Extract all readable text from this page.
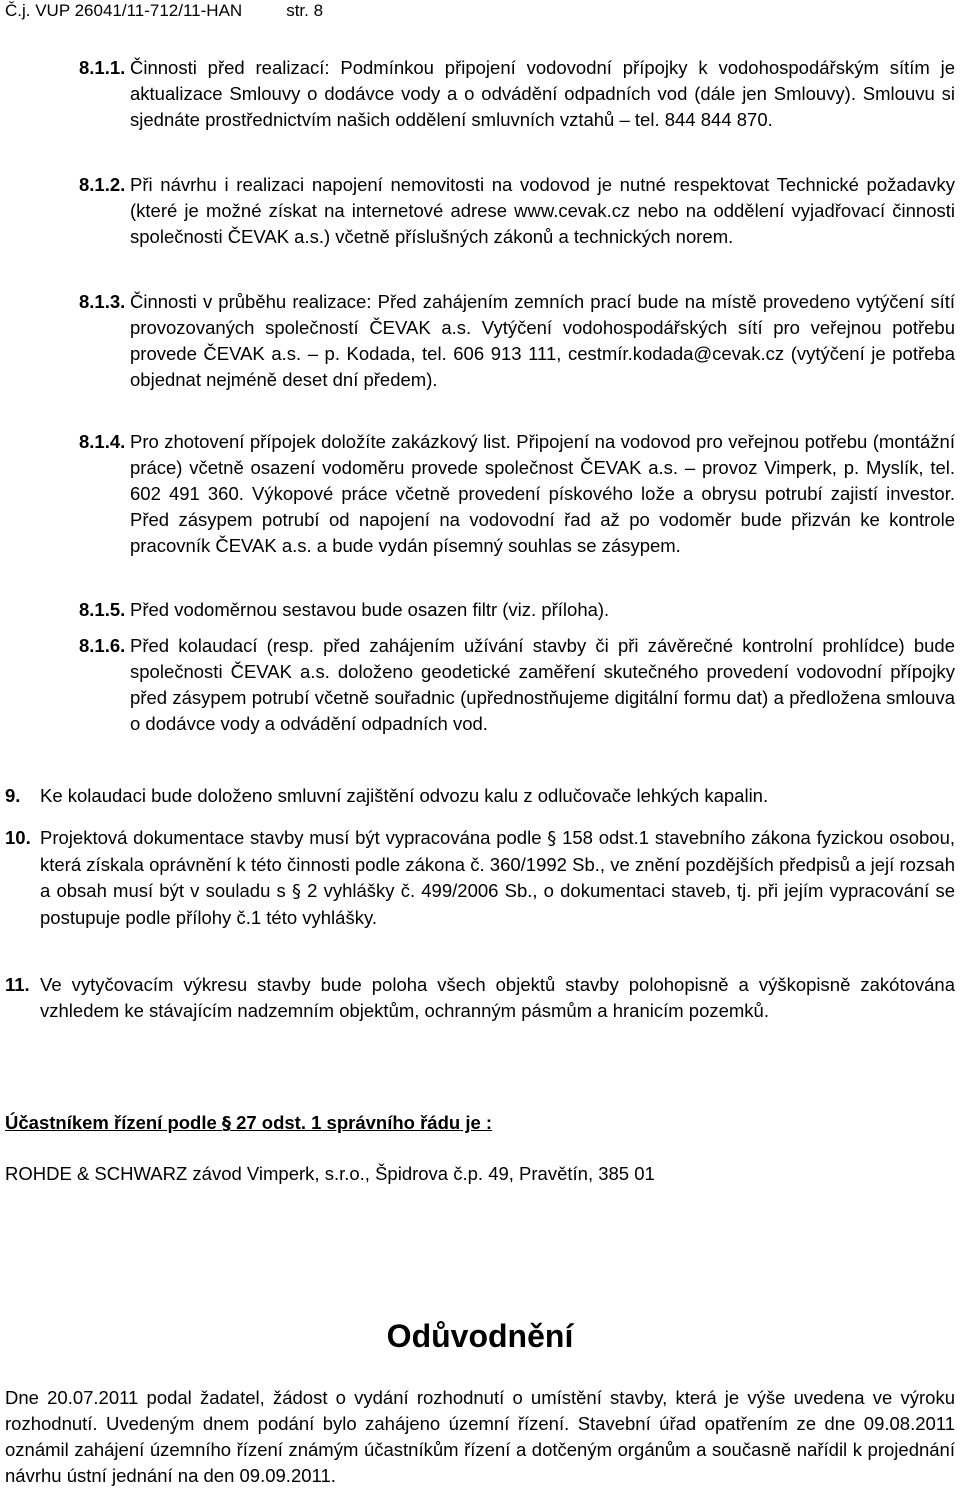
Č.j. VUP 26041/11-712/11-HAN	str. 8
8.1.1. Činnosti před realizací: Podmínkou připojení vodovodní přípojky k vodohospodářským sítím je aktualizace Smlouvy o dodávce vody a o odvádění odpadních vod (dále jen Smlouvy). Smlouvu si sjednáte prostřednictvím našich oddělení smluvních vztahů – tel. 844 844 870.
8.1.2. Při návrhu i realizaci napojení nemovitosti na vodovod je nutné respektovat Technické požadavky (které je možné získat na internetové adrese www.cevak.cz nebo na oddělení vyjadřovací činnosti společnosti ČEVAK a.s.) včetně příslušných zákonů a technických norem.
8.1.3. Činnosti v průběhu realizace: Před zahájením zemních prací bude na místě provedeno vytýčení sítí provozovaných společností ČEVAK a.s. Vytýčení vodohospodářských sítí pro veřejnou potřebu provede ČEVAK a.s. – p. Kodada, tel. 606 913 111, cestmír.kodada@cevak.cz (vytýčení je potřeba objednat nejméně deset dní předem).
8.1.4. Pro zhotovení přípojek doložíte zakázkový list. Připojení na vodovod pro veřejnou potřebu (montážní práce) včetně osazení vodoměru provede společnost ČEVAK a.s. – provoz Vimperk, p. Myslík, tel. 602 491 360. Výkopové práce včetně provedení pískového lože a obrysu potrubí zajistí investor. Před zásypem potrubí od napojení na vodovodní řad až po vodoměr bude přizván ke kontrole pracovník ČEVAK a.s. a bude vydán písemný souhlas se zásypem.
8.1.5. Před vodoměrnou sestavou bude osazen filtr (viz. příloha).
8.1.6. Před kolaudací (resp. před zahájením užívání stavby či při závěrečné kontrolní prohlídce) bude společnosti ČEVAK a.s. doloženo geodetické zaměření skutečného provedení vodovodní přípojky před zásypem potrubí včetně souřadnic (upřednostňujeme digitální formu dat) a předložena smlouva o dodávce vody a odvádění odpadních vod.
9. Ke kolaudaci bude doloženo smluvní zajištění odvozu kalu z odlučovače lehkých kapalin.
10. Projektová dokumentace stavby musí být vypracována podle § 158 odst.1 stavebního zákona fyzickou osobou, která získala oprávnění k této činnosti podle zákona č. 360/1992 Sb., ve znění pozdějších předpisů a její rozsah a obsah musí být v souladu s § 2 vyhlášky č. 499/2006 Sb., o dokumentaci staveb, tj. při jejím vypracování se postupuje podle přílohy č.1 této vyhlášky.
11. Ve vytyčovacím výkresu stavby bude poloha všech objektů stavby polohopisně a výškopisně zakótována vzhledem ke stávajícím nadzemním objektům, ochranným pásmům a hranicím pozemků.
Účastníkem řízení podle § 27 odst. 1 správního řádu je :
ROHDE & SCHWARZ závod Vimperk, s.r.o., Špidrova č.p. 49, Pravětín, 385 01
Odůvodnění
Dne 20.07.2011 podal žadatel, žádost o vydání rozhodnutí o umístění stavby, která je výše uvedena ve výroku rozhodnutí. Uvedeným dnem podání bylo zahájeno územní řízení. Stavební úřad opatřením ze dne 09.08.2011 oznámil zahájení územního řízení známým účastníkům řízení a dotčeným orgánům a současně nařídil k projednání návrhu ústní jednání na den 09.09.2011.
